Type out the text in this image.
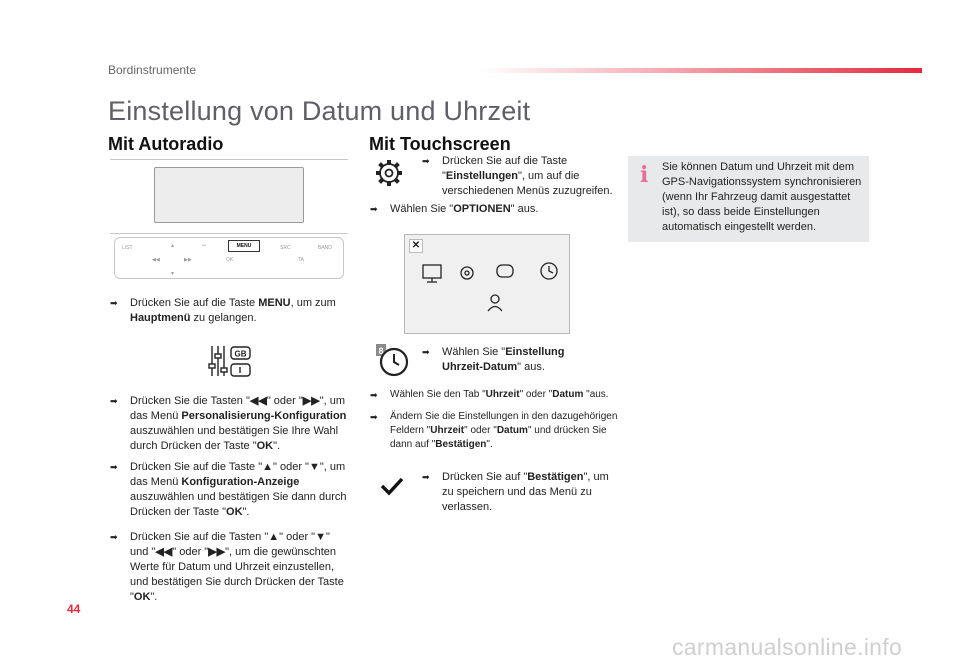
Bordinstrumente
Einstellung von Datum und Uhrzeit
Mit Autoradio
LIST	▲	↩	SRC	BAND
◀◀	▶▶	OK	TA
▼
MENU
➡	Drücken Sie auf die Taste MENU, um zum Hauptmenü zu gelangen.
GB
➡	Drücken Sie die Tasten "◀◀" oder "▶▶", um das Menü Personalisierung-Konfiguration auszuwählen und bestätigen Sie Ihre Wahl durch Drücken der Taste "OK".
➡	Drücken Sie auf die Taste "▲" oder "▼", um das Menü Konfiguration-Anzeige auszuwählen und bestätigen Sie dann durch Drücken der Taste "OK".
➡	Drücken Sie auf die Tasten "▲" oder "▼" und "◀◀" oder "▶▶", um die gewünschten Werte für Datum und Uhrzeit einzustellen, und bestätigen Sie durch Drücken der Taste "OK".
Mit Touchscreen
➡	Drücken Sie auf die Taste "Einstellungen", um auf die verschiedenen Menüs zuzugreifen.
➡	Wählen Sie "OPTIONEN" aus.
✕
8	➡	Wählen Sie "Einstellung Uhrzeit-Datum" aus.
➡	Wählen Sie den Tab "Uhrzeit" oder "Datum "aus.
➡	Ändern Sie die Einstellungen in den dazugehörigen Feldern "Uhrzeit" oder "Datum" und drücken Sie dann auf "Bestätigen".
➡	Drücken Sie auf "Bestätigen", um zu speichern und das Menü zu verlassen.
i Sie können Datum und Uhrzeit mit dem GPS-Navigationssystem synchronisieren (wenn Ihr Fahrzeug damit ausgestattet ist), so dass beide Einstellungen automatisch eingestellt werden.

44
carmanualsonline.info
